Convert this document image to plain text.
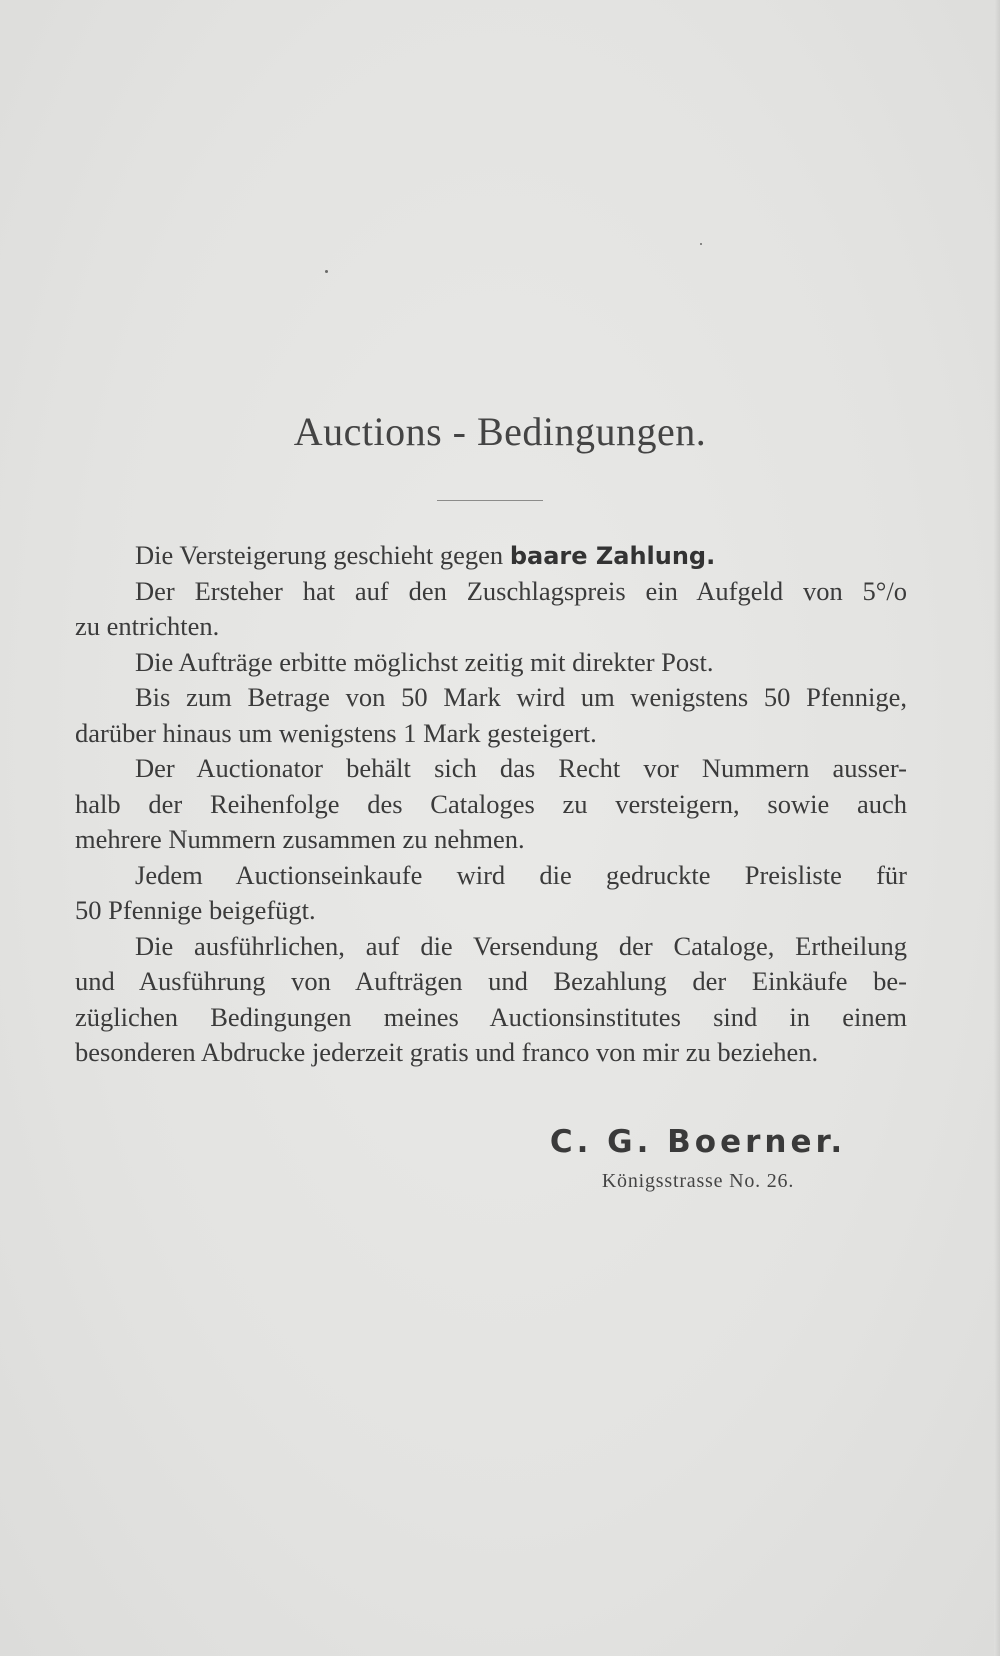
Auctions - Bedingungen.
Die Versteigerung geschieht gegen baare Zahlung.
Der Ersteher hat auf den Zuschlagspreis ein Aufgeld von 5°/o
zu entrichten.
Die Aufträge erbitte möglichst zeitig mit direkter Post.
Bis zum Betrage von 50 Mark wird um wenigstens 50 Pfennige,
darüber hinaus um wenigstens 1 Mark gesteigert.
Der Auctionator behält sich das Recht vor Nummern ausser-
halb der Reihenfolge des Cataloges zu versteigern, sowie auch
mehrere Nummern zusammen zu nehmen.
Jedem Auctionseinkaufe wird die gedruckte Preisliste für
50 Pfennige beigefügt.
Die ausführlichen, auf die Versendung der Cataloge, Ertheilung
und Ausführung von Aufträgen und Bezahlung der Einkäufe be-
züglichen Bedingungen meines Auctionsinstitutes sind in einem
besonderen Abdrucke jederzeit gratis und franco von mir zu beziehen.
C. G. Boerner.
Königsstrasse No. 26.
